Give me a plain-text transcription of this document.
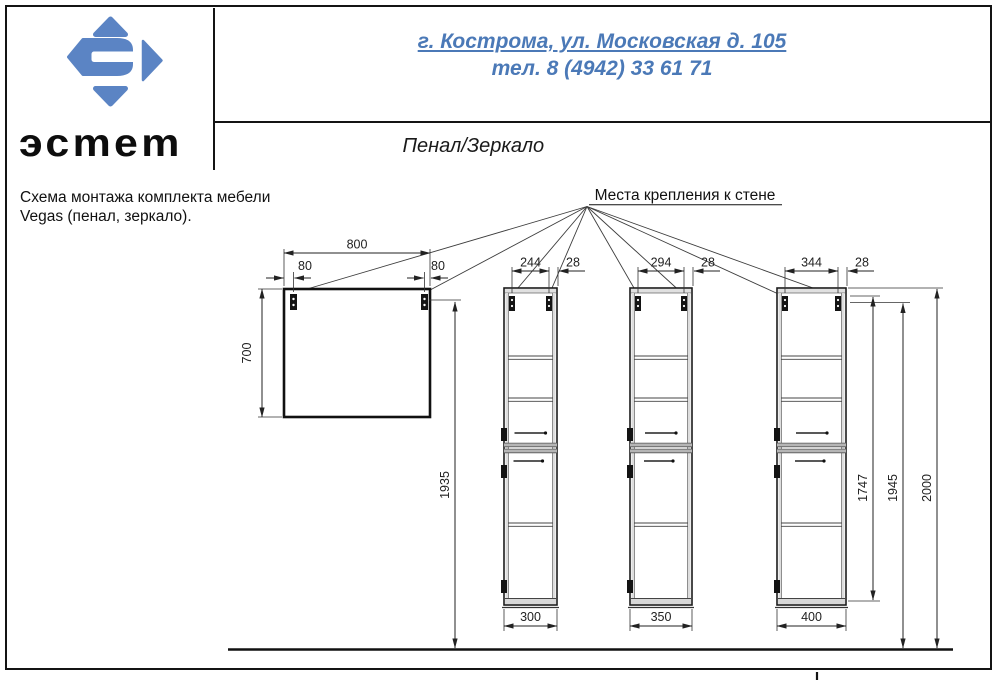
эсmеm
г. Кострома, ул. Московская д. 105
тел. 8 (4942) 33 61 71
Пенал/Зеркало
Схема монтажа комплекта мебели
Vegas (пенал, зеркало).
Места крепления к стене
800
80	80
700
1935
244 28
300
294 28
350
344	28
400
1747 1945 2000
